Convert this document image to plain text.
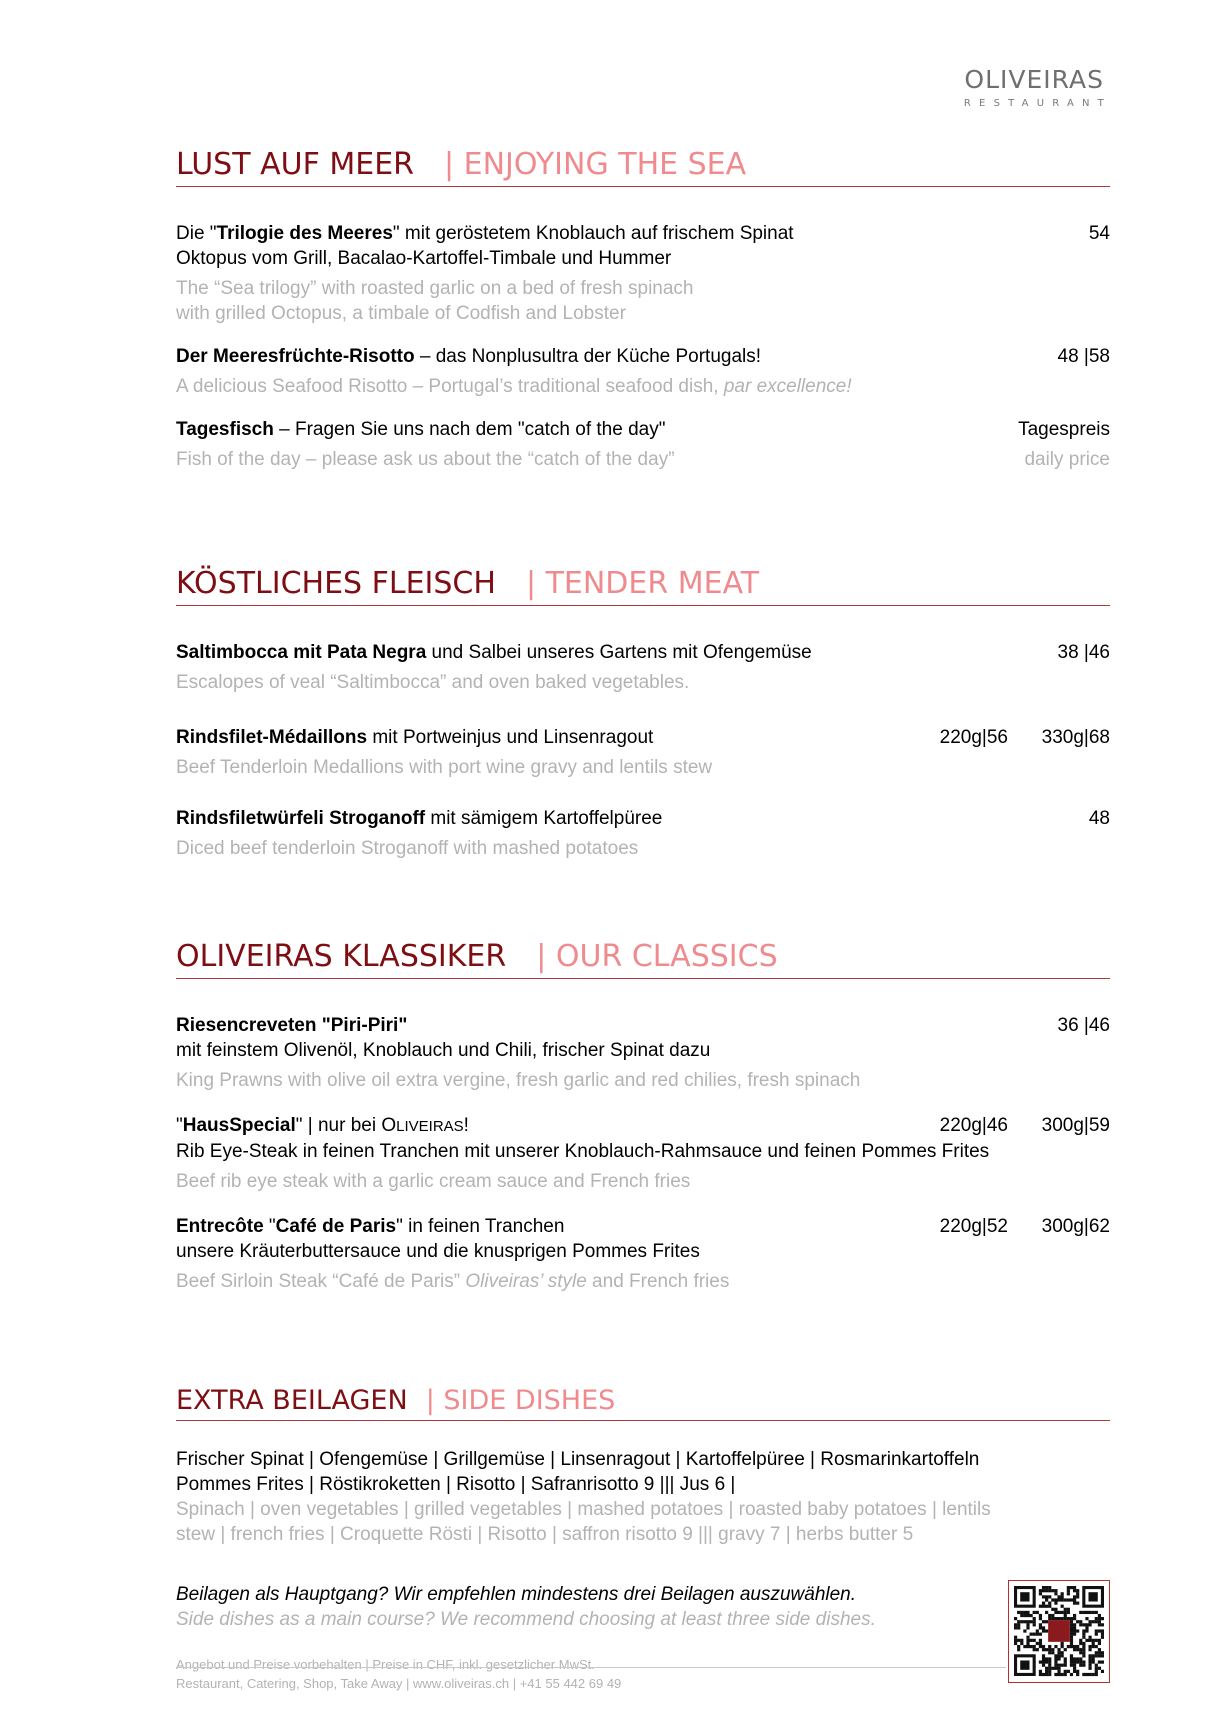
OLIVEIRAS
RESTAURANT
LUST AUF MEER | ENJOYING THE SEA
Die "Trilogie des Meeres" mit geröstetem Knoblauch auf frischem Spinat
Oktopus vom Grill, Bacalao-Kartoffel-Timbale und Hummer
The “Sea trilogy” with roasted garlic on a bed of fresh spinach
with grilled Octopus, a timbale of Codfish and Lobster
54
Der Meeresfrüchte-Risotto – das Nonplusultra der Küche Portugals!
A delicious Seafood Risotto – Portugal’s traditional seafood dish, par excellence!
48 |58
Tagesfisch – Fragen Sie uns nach dem "catch of the day"
Fish of the day – please ask us about the “catch of the day”
Tagespreis
daily price
KÖSTLICHES FLEISCH | TENDER MEAT
Saltimbocca mit Pata Negra und Salbei unseres Gartens mit Ofengemüse
Escalopes of veal “Saltimbocca” and oven baked vegetables.
38 |46
Rindsfilet-Médaillons mit Portweinjus und Linsenragout
Beef Tenderloin Medallions with port wine gravy and lentils stew
220g|56 330g|68
Rindsfiletwürfeli Stroganoff mit sämigem Kartoffelpüree
Diced beef tenderloin Stroganoff with mashed potatoes
48
OLIVEIRAS KLASSIKER | OUR CLASSICS
Riesencreveten "Piri-Piri"
mit feinstem Olivenöl, Knoblauch und Chili, frischer Spinat dazu
King Prawns with olive oil extra vergine, fresh garlic and red chilies, fresh spinach
36 |46
"HausSpecial" | nur bei OLIVEIRAS!
Rib Eye-Steak in feinen Tranchen mit unserer Knoblauch-Rahmsauce und feinen Pommes Frites
Beef rib eye steak with a garlic cream sauce and French fries
220g|46 300g|59
Entrecôte "Café de Paris" in feinen Tranchen
unsere Kräuterbuttersauce und die knusprigen Pommes Frites
Beef Sirloin Steak “Café de Paris” Oliveiras’ style and French fries
220g|52 300g|62
EXTRA BEILAGEN | SIDE DISHES
Frischer Spinat | Ofengemüse | Grillgemüse | Linsenragout | Kartoffelpüree | Rosmarinkartoffeln
Pommes Frites | Röstikroketten | Risotto | Safranrisotto 9 ||| Jus 6 |
Spinach | oven vegetables | grilled vegetables | mashed potatoes | roasted baby potatoes | lentils
stew | french fries | Croquette Rösti | Risotto | saffron risotto 9 ||| gravy 7 | herbs butter 5
Beilagen als Hauptgang? Wir empfehlen mindestens drei Beilagen auszuwählen.
Side dishes as a main course? We recommend choosing at least three side dishes.
Angebot und Preise vorbehalten | Preise in CHF, inkl. gesetzlicher MwSt.
Restaurant, Catering, Shop, Take Away | www.oliveiras.ch | +41 55 442 69 49
